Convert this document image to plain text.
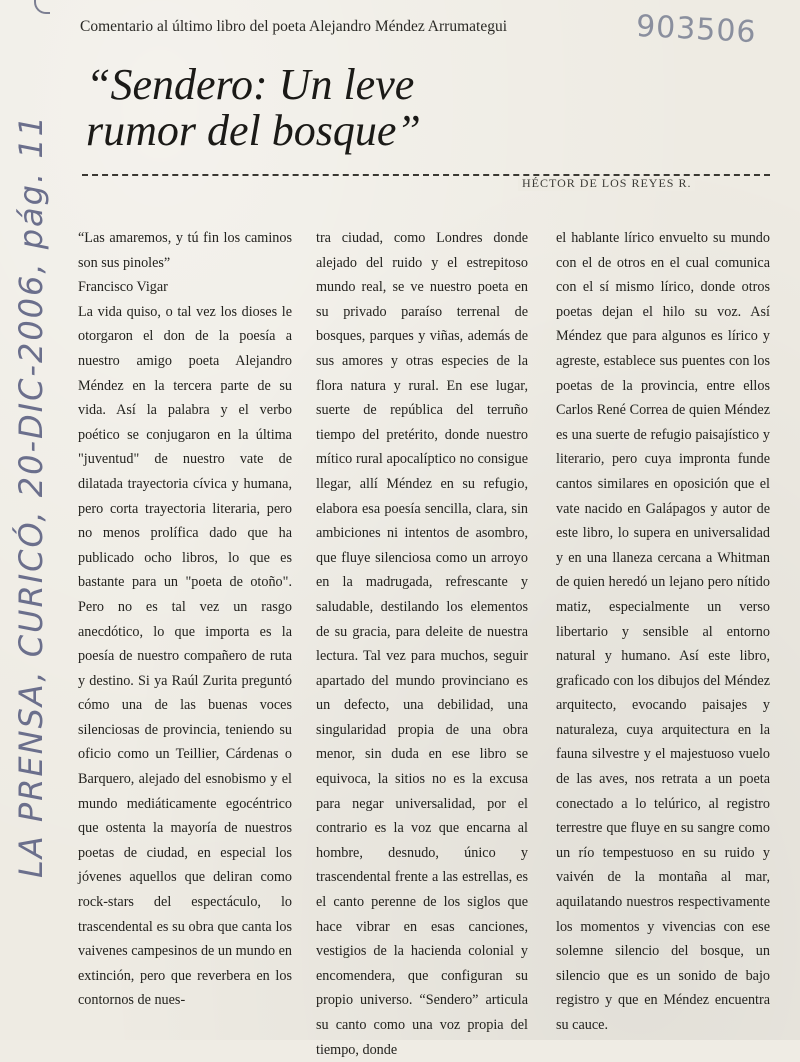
LA PRENSA, CURICÓ, 20-DIC-2006, pág. 11
903506
Comentario al último libro del poeta Alejandro Méndez Arrumategui
“Sendero: Un leve rumor del bosque”
HÉCTOR DE LOS REYES R.

“Las amaremos, y tú fin los caminos son sus pinoles”

Francisco Vigar

La vida quiso, o tal vez los dioses le otorgaron el don de la poesía a nuestro amigo poeta Alejandro Méndez en la tercera parte de su vida. Así la palabra y el verbo poético se conjugaron en la última "juventud" de nuestro vate de dilatada trayectoria cívica y humana, pero corta trayectoria literaria, pero no menos prolífica dado que ha publicado ocho libros, lo que es bastante para un "poeta de otoño". Pero no es tal vez un rasgo anecdótico, lo que importa es la poesía de nuestro compañero de ruta y destino. Si ya Raúl Zurita preguntó cómo una de las buenas voces silenciosas de provincia, teniendo su oficio como un Teillier, Cárdenas o Barquero, alejado del esnobismo y el mundo mediáticamente egocéntrico que ostenta la mayoría de nuestros poetas de ciudad, en especial los jóvenes aquellos que deliran como rock-stars del espectáculo, lo trascendental es su obra que canta los vaivenes campesinos de un mundo en extinción, pero que reverbera en los contornos de nues-

tra ciudad, como Londres donde alejado del ruido y el estrepitoso mundo real, se ve nuestro poeta en su privado paraíso terrenal de bosques, parques y viñas, además de sus amores y otras especies de la flora natura y rural. En ese lugar, suerte de república del terruño tiempo del pretérito, donde nuestro mítico rural apocalíptico no consigue llegar, allí Méndez en su refugio, elabora esa poesía sencilla, clara, sin ambiciones ni intentos de asombro, que fluye silenciosa como un arroyo en la madrugada, refrescante y saludable, destilando los elementos de su gracia, para deleite de nuestra lectura. Tal vez para muchos, seguir apartado del mundo provinciano es un defecto, una debilidad, una singularidad propia de una obra menor, sin duda en ese libro se equivoca, la sitios no es la excusa para negar universalidad, por el contrario es la voz que encarna al hombre, desnudo, único y trascendental frente a las estrellas, es el canto perenne de los siglos que hace vibrar en esas canciones, vestigios de la hacienda colonial y encomendera, que configuran su propio universo. “Sendero” articula su canto como una voz propia del tiempo, donde

el hablante lírico envuelto su mundo con el de otros en el cual comunica con el sí mismo lírico, donde otros poetas dejan el hilo su voz. Así Méndez que para algunos es lírico y agreste, establece sus puentes con los poetas de la provincia, entre ellos Carlos René Correa de quien Méndez es una suerte de refugio paisajístico y literario, pero cuya impronta funde cantos similares en oposición que el vate nacido en Galápagos y autor de este libro, lo supera en universalidad y en una llaneza cercana a Whitman de quien heredó un lejano pero nítido matiz, especialmente un verso libertario y sensible al entorno natural y humano. Así este libro, graficado con los dibujos del Méndez arquitecto, evocando paisajes y naturaleza, cuya arquitectura en la fauna silvestre y el majestuoso vuelo de las aves, nos retrata a un poeta conectado a lo telúrico, al registro terrestre que fluye en su sangre como un río tempestuoso en su ruido y vaivén de la montaña al mar, aquilatando nuestros respectivamente los momentos y vivencias con ese solemne silencio del bosque, un silencio que es un sonido de bajo registro y que en Méndez encuentra su cauce.
